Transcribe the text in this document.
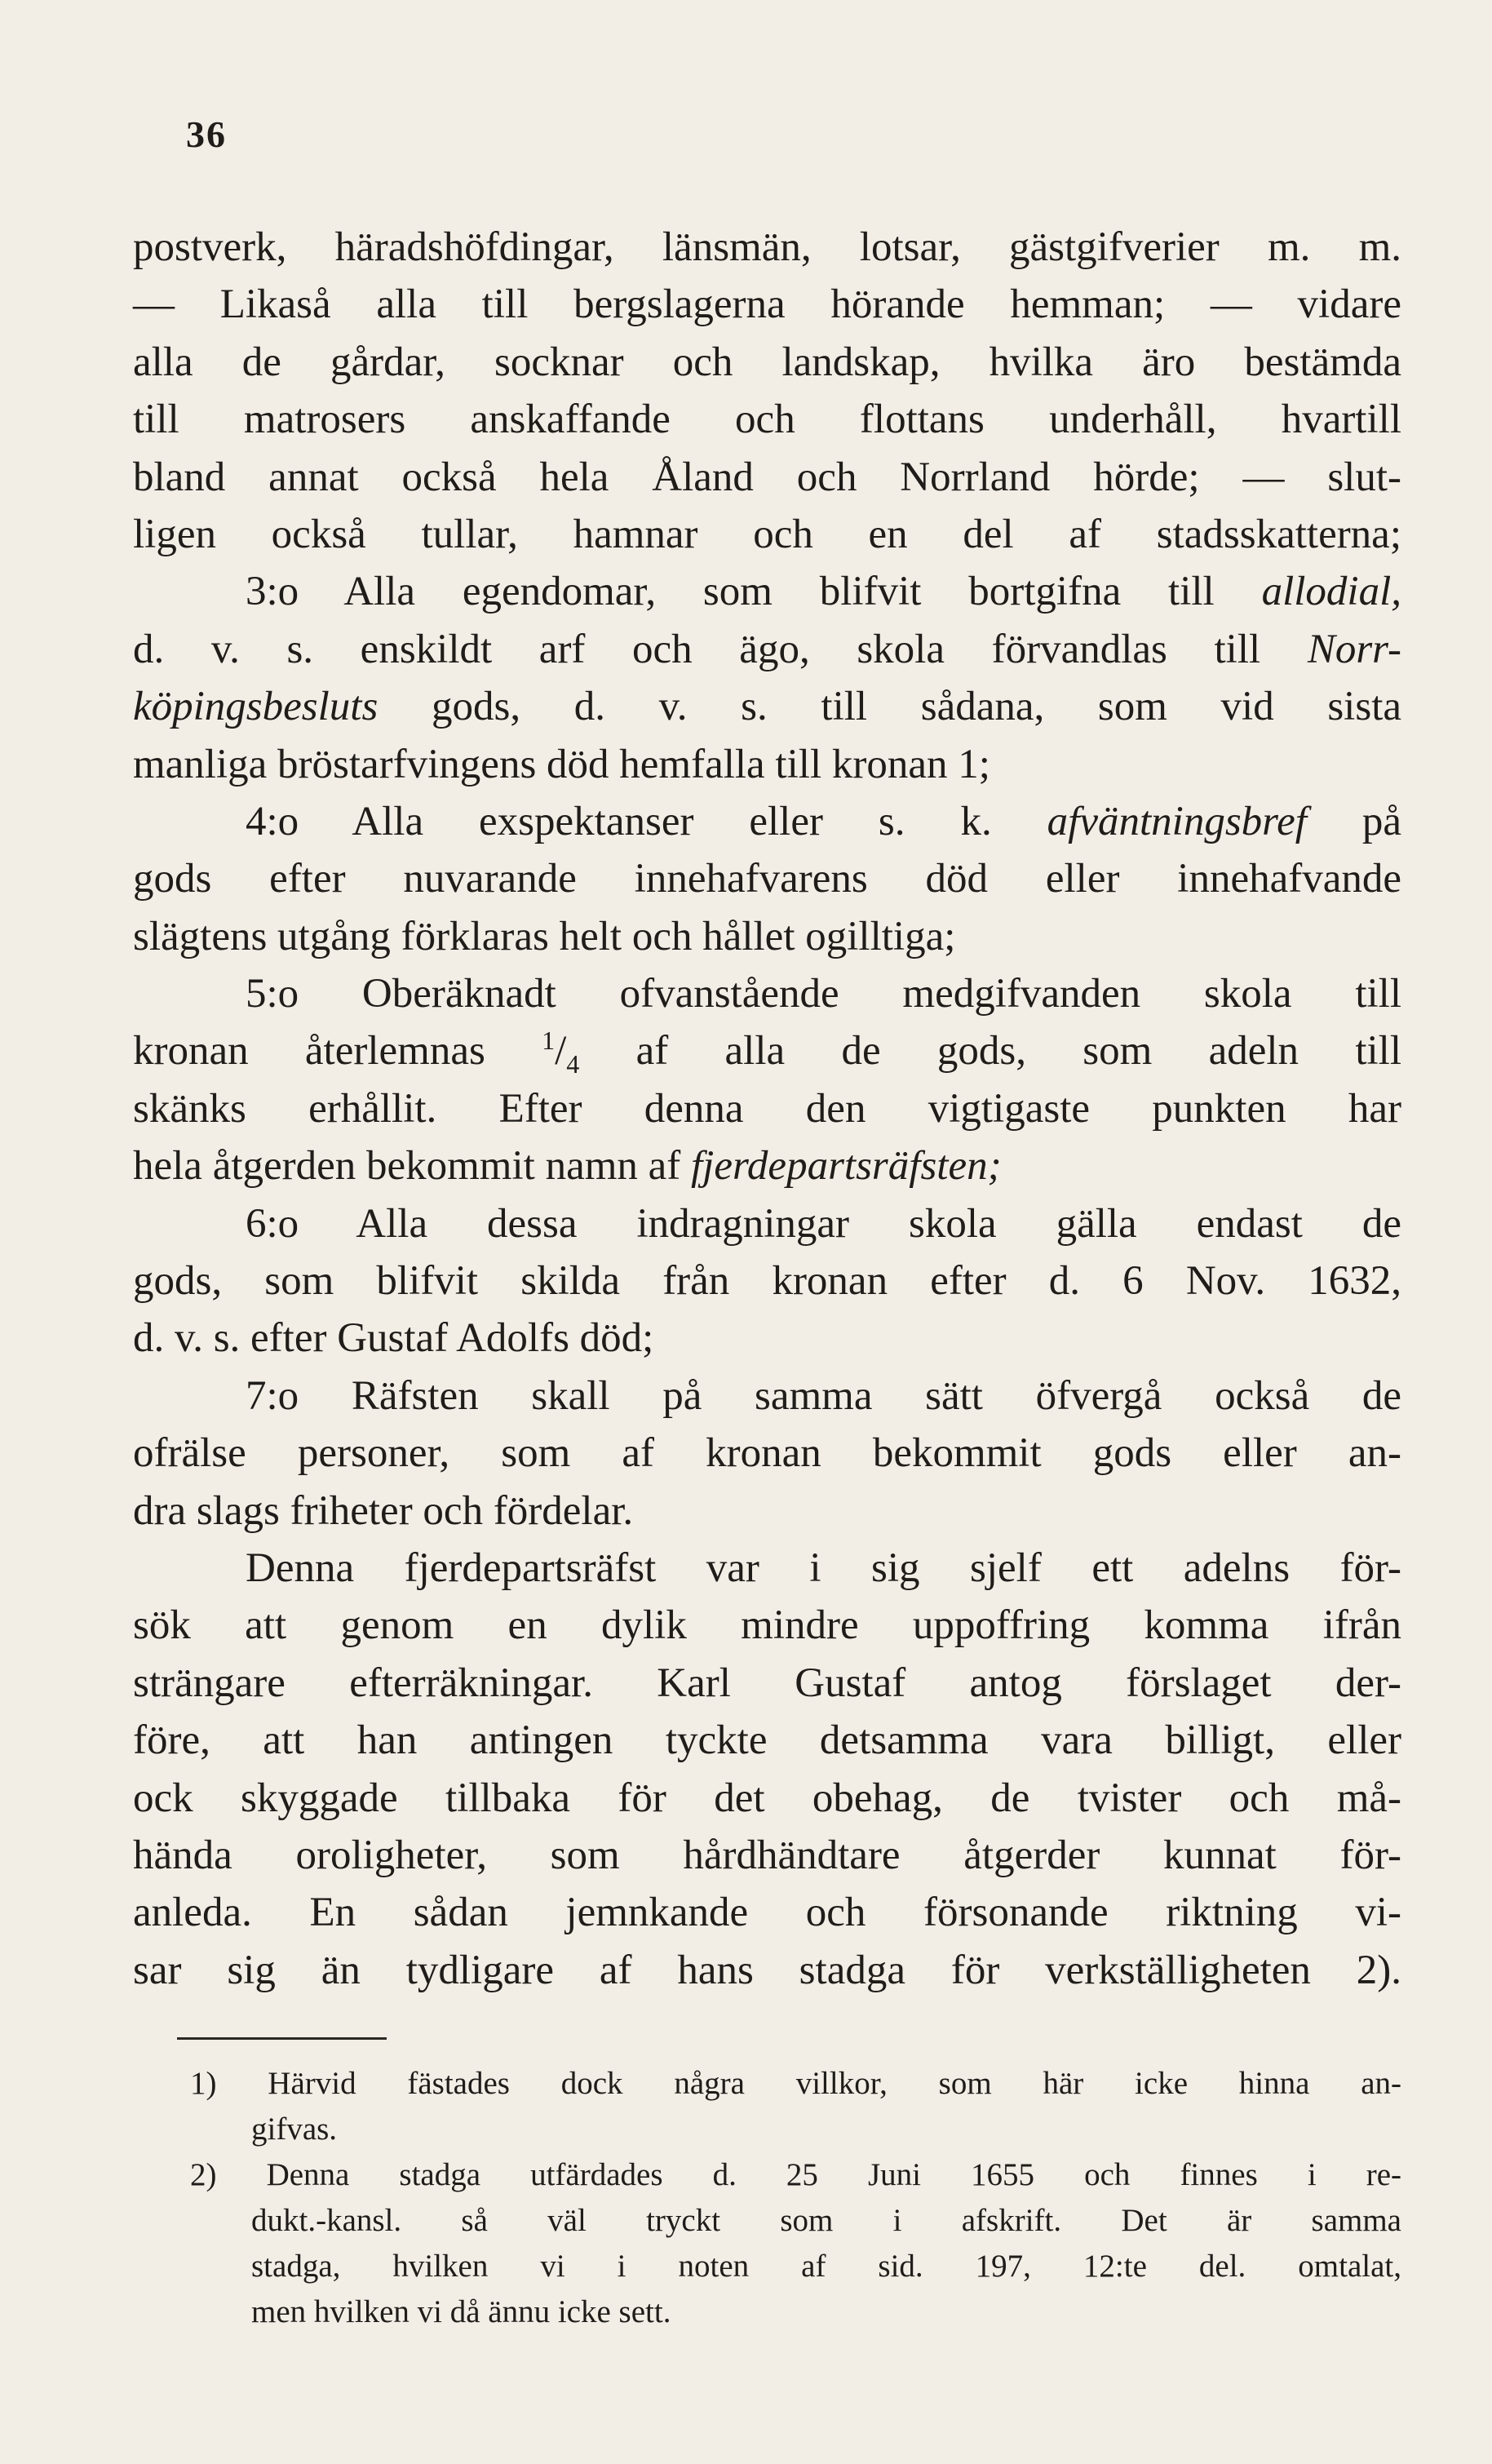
36
postverk, häradshöfdingar, länsmän, lotsar, gästgifverier m. m.
— Likaså alla till bergslagerna hörande hemman; — vidare
alla de gårdar, socknar och landskap, hvilka äro bestämda
till matrosers anskaffande och flottans underhåll, hvartill
bland annat också hela Åland och Norrland hörde; — slut-
ligen också tullar, hamnar och en del af stadsskatterna;
3:o Alla egendomar, som blifvit bortgifna till allodial,
d. v. s. enskildt arf och ägo, skola förvandlas till Norr-
köpingsbesluts gods, d. v. s. till sådana, som vid sista
manliga bröstarfvingens död hemfalla till kronan 1;
4:o Alla exspektanser eller s. k. afväntningsbref på
gods efter nuvarande innehafvarens död eller innehafvande
slägtens utgång förklaras helt och hållet ogilltiga;
5:o Oberäknadt ofvanstående medgifvanden skola till
kronan återlemnas $^1/_4$ af alla de gods, som adeln till
skänks erhållit. Efter denna den vigtigaste punkten har
hela åtgerden bekommit namn af fjerdepartsräfsten;
6:o Alla dessa indragningar skola gälla endast de
gods, som blifvit skilda från kronan efter d. 6 Nov. 1632,
d. v. s. efter Gustaf Adolfs död;
7:o Räfsten skall på samma sätt öfvergå också de
ofrälse personer, som af kronan bekommit gods eller an-
dra slags friheter och fördelar.
Denna fjerdepartsräfst var i sig sjelf ett adelns för-
sök att genom en dylik mindre uppoffring komma ifrån
strängare efterräkningar. Karl Gustaf antog förslaget der-
före, att han antingen tyckte detsamma vara billigt, eller
ock skyggade tillbaka för det obehag, de tvister och må-
hända oroligheter, som hårdhändtare åtgerder kunnat för-
anleda. En sådan jemnkande och försonande riktning vi-
sar sig än tydligare af hans stadga för verkställigheten 2).
1) Härvid fästades dock några villkor, som här icke hinna an-
gifvas.
2) Denna stadga utfärdades d. 25 Juni 1655 och finnes i re-
dukt.-kansl. så väl tryckt som i afskrift. Det är samma
stadga, hvilken vi i noten af sid. 197, 12:te del. omtalat,
men hvilken vi då ännu icke sett.
